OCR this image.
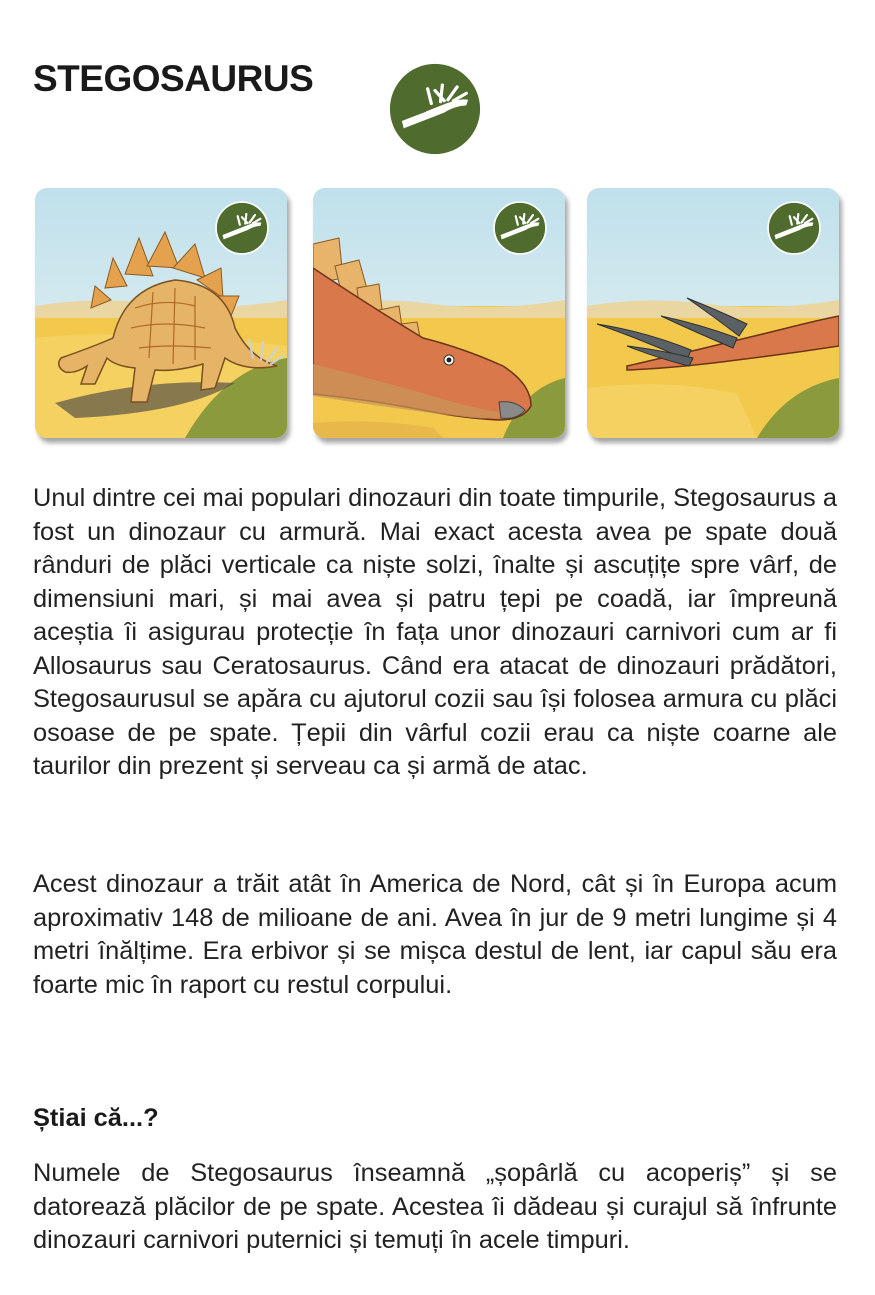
STEGOSAURUS

Unul dintre cei mai populari dinozauri din toate timpurile, Stegosaurus a fost un dinozaur cu armură. Mai exact acesta avea pe spate două rânduri de plăci verticale ca niște solzi, înalte și ascuțițe spre vârf, de dimensiuni mari, și mai avea și patru țepi pe coadă, iar împreună aceștia îi asigurau protecție în fața unor dinozauri carnivori cum ar fi Allosaurus sau Ceratosaurus. Când era atacat de dinozauri prădători, Stegosaurusul se apăra cu ajutorul cozii sau își folosea armura cu plăci osoase de pe spate. Țepii din vârful cozii erau ca niște coarne ale taurilor din prezent și serveau ca și armă de atac.

Acest dinozaur a trăit atât în America de Nord, cât și în Europa acum aproximativ 148 de milioane de ani. Avea în jur de 9 metri lungime și 4 metri înălțime. Era erbivor și se mișca destul de lent, iar capul său era foarte mic în raport cu restul corpului.

Știai că...?

Numele de Stegosaurus înseamnă „șopârlă cu acoperiș” și se datorează plăcilor de pe spate. Acestea îi dădeau și curajul să înfrunte dinozauri carnivori puternici și temuți în acele timpuri.
